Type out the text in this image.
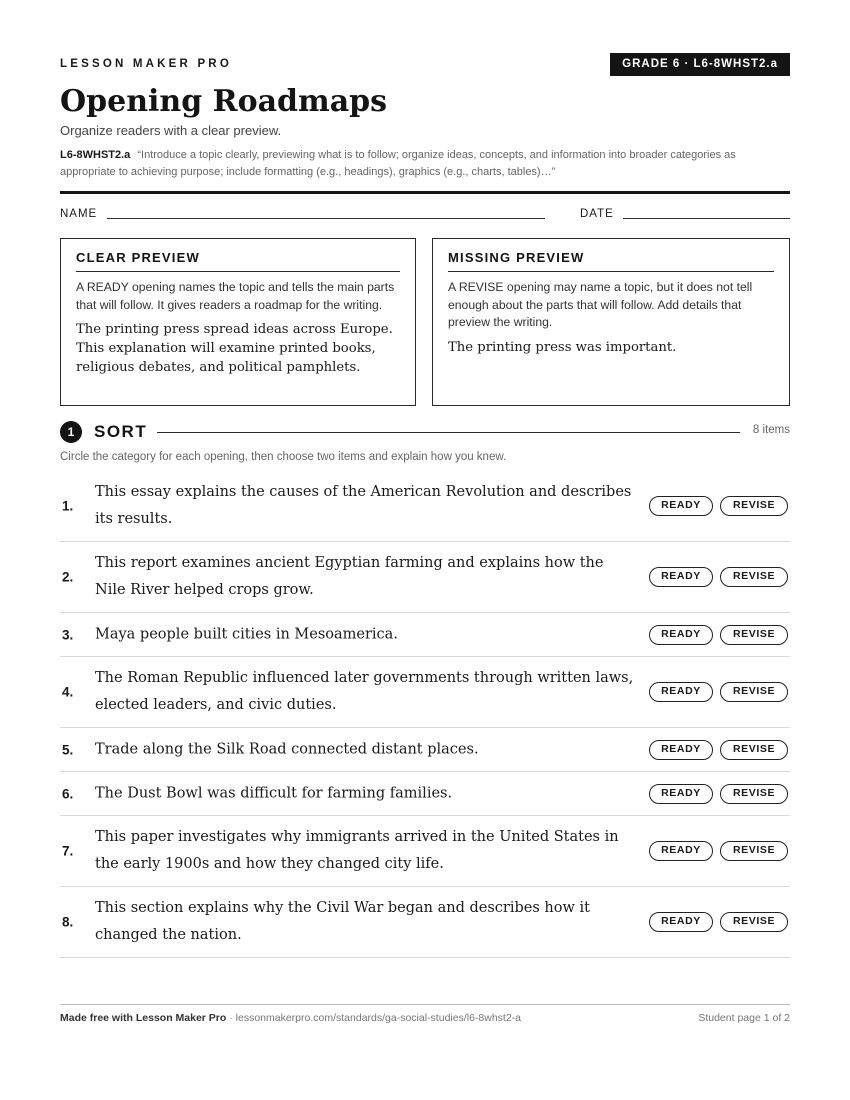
LESSON MAKER PRO	GRADE 6 · L6-8WHST2.a
Opening Roadmaps
Organize readers with a clear preview.
L6-8WHST2.a “Introduce a topic clearly, previewing what is to follow; organize ideas, concepts, and information into broader categories as appropriate to achieving purpose; include formatting (e.g., headings), graphics (e.g., charts, tables)…”
NAME	DATE
CLEAR PREVIEW
A READY opening names the topic and tells the main parts that will follow. It gives readers a roadmap for the writing.
The printing press spread ideas across Europe. This explanation will examine printed books, religious debates, and political pamphlets.
MISSING PREVIEW
A REVISE opening may name a topic, but it does not tell enough about the parts that will follow. Add details that preview the writing.
The printing press was important.
1	SORT	8 items
Circle the category for each opening, then choose two items and explain how you knew.
1.
This essay explains the causes of the American Revolution and describes its results.
READY	REVISE
2.
This report examines ancient Egyptian farming and explains how the Nile River helped crops grow.
READY	REVISE
3. Maya people built cities in Mesoamerica.	READY	REVISE
4.
The Roman Republic influenced later governments through written laws, elected leaders, and civic duties.
READY	REVISE
5. Trade along the Silk Road connected distant places.	READY	REVISE
6. The Dust Bowl was difficult for farming families.	READY	REVISE
7.
This paper investigates why immigrants arrived in the United States in the early 1900s and how they changed city life.
READY	REVISE
8.
This section explains why the Civil War began and describes how it changed the nation.
READY	REVISE
Made free with Lesson Maker Pro · lessonmakerpro.com/standards/ga-social-studies/l6-8whst2-a	Student page 1 of 2
